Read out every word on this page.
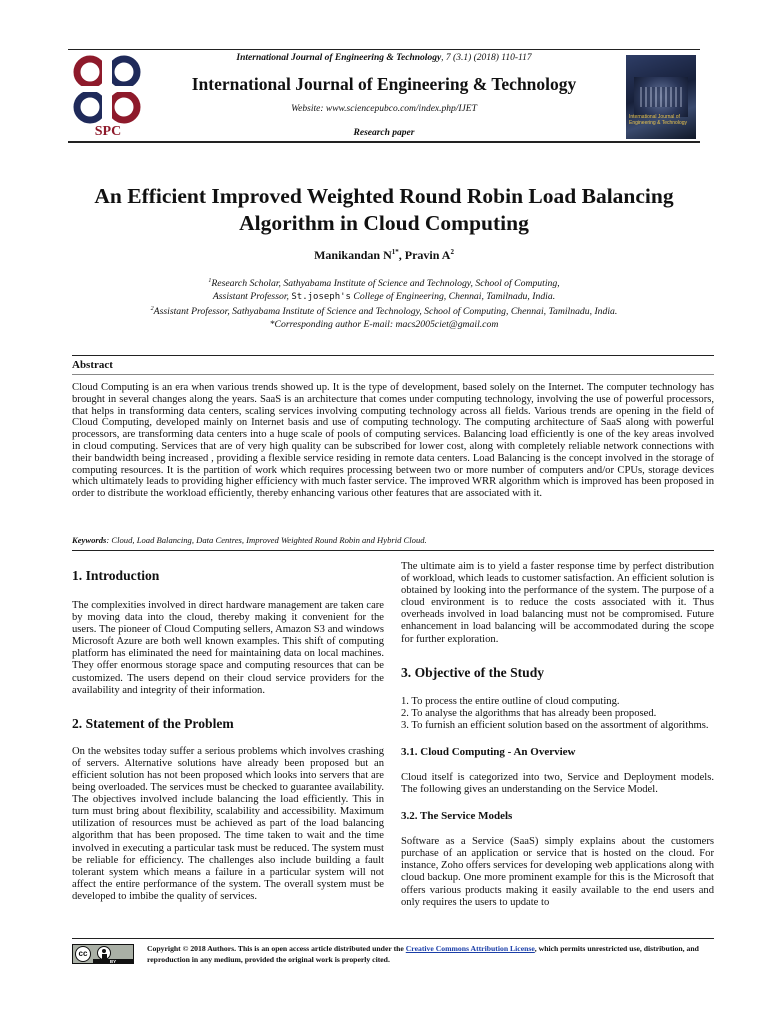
SPC
International Journal of Engineering & Technology, 7 (3.1) (2018) 110-117
International Journal of Engineering & Technology
Website: www.sciencepubco.com/index.php/IJET
Research paper
International Journal of Engineering & Technology
An Efficient Improved Weighted Round Robin Load Balancing
Algorithm in Cloud Computing
Manikandan $N^{1*}$, Pravin $A^2$
$^1$Research Scholar, Sathyabama Institute of Science and Technology, School of Computing,
Assistant Professor, St.joseph's College of Engineering, Chennai, Tamilnadu, India.
$^2$Assistant Professor, Sathyabama Institute of Science and Technology, School of Computing, Chennai, Tamilnadu, India.
*Corresponding author E-mail: macs2005ciet@gmail.com
Abstract
Cloud Computing is an era when various trends showed up. It is the type of development, based solely on the Internet. The computer technology has brought in several changes along the years. SaaS is an architecture that comes under computing technology, involving the use of powerful processors, that helps in transforming data centers, scaling services involving computing technology across all fields. Various trends are opening in the field of Cloud Computing, developed mainly on Internet basis and use of computing technology. The computing architecture of SaaS along with powerful processors, are transforming data centers into a huge scale of pools of computing services. Balancing load efficiently is one of the key areas involved in cloud computing. Services that are of very high quality can be subscribed for lower cost, along with completely reliable network connections with their bandwidth being increased , providing a flexible service residing in remote data centers. Load Balancing is the concept involved in the storage of computing resources. It is the partition of work which requires processing between two or more number of computers and/or CPUs, storage devices which ultimately leads to providing higher efficiency with much faster service. The improved WRR algorithm which is improved has been proposed in order to distribute the workload efficiently, thereby enhancing various other features that are associated with it.
Keywords: Cloud, Load Balancing, Data Centres, Improved Weighted Round Robin and Hybrid Cloud.
1. Introduction

The complexities involved in direct hardware management are taken care by moving data into the cloud, thereby making it convenient for the users. The pioneer of Cloud Computing sellers, Amazon S3 and windows Microsoft Azure are both well known examples. This shift of computing platform has eliminated the need for maintaining data on local machines. They offer enormous storage space and computing resources that can be customized. The users depend on their cloud service providers for the availability and integrity of their information.

2. Statement of the Problem

On the websites today suffer a serious problems which involves crashing of servers. Alternative solutions have already been proposed but an efficient solution has not been proposed which looks into servers that are being overloaded. The services must be checked to guarantee availability. The objectives involved include balancing the load efficiently. This in turn must bring about flexibility, scalability and accessibility. Maximum utilization of resources must be achieved as part of the load balancing algorithm that has been proposed. The time taken to wait and the time involved in executing a particular task must be reduced. The system must be reliable for efficiency. The challenges also include building a fault tolerant system which means a failure in a particular system will not affect the entire performance of the system. The overall system must be developed to imbibe the quality of services.

The ultimate aim is to yield a faster response time by perfect distribution of workload, which leads to customer satisfaction. An efficient solution is obtained by looking into the performance of the system. The purpose of a cloud environment is to reduce the costs associated with it. Thus overheads involved in load balancing must not be compromised. Future enhancement in load balancing will be accommodated during the scope for further exploration.

3. Objective of the Study

1. To process the entire outline of cloud computing.

2. To analyse the algorithms that has already been proposed.

3. To furnish an efficient solution based on the assortment of algorithms.

3.1. Cloud Computing - An Overview

Cloud itself is categorized into two, Service and Deployment models. The following gives an understanding on the Service Model.

3.2. The Service Models

Software as a Service (SaaS) simply explains about the customers purchase of an application or service that is hosted on the cloud. For instance, Zoho offers services for developing web applications along with cloud backup. One more prominent example for this is the Microsoft that offers various products making it easily available to the end users and only requires the users to update to

cc
BY
Copyright © 2018 Authors. This is an open access article distributed under the Creative Commons Attribution License, which permits unrestricted use, distribution, and reproduction in any medium, provided the original work is properly cited.
